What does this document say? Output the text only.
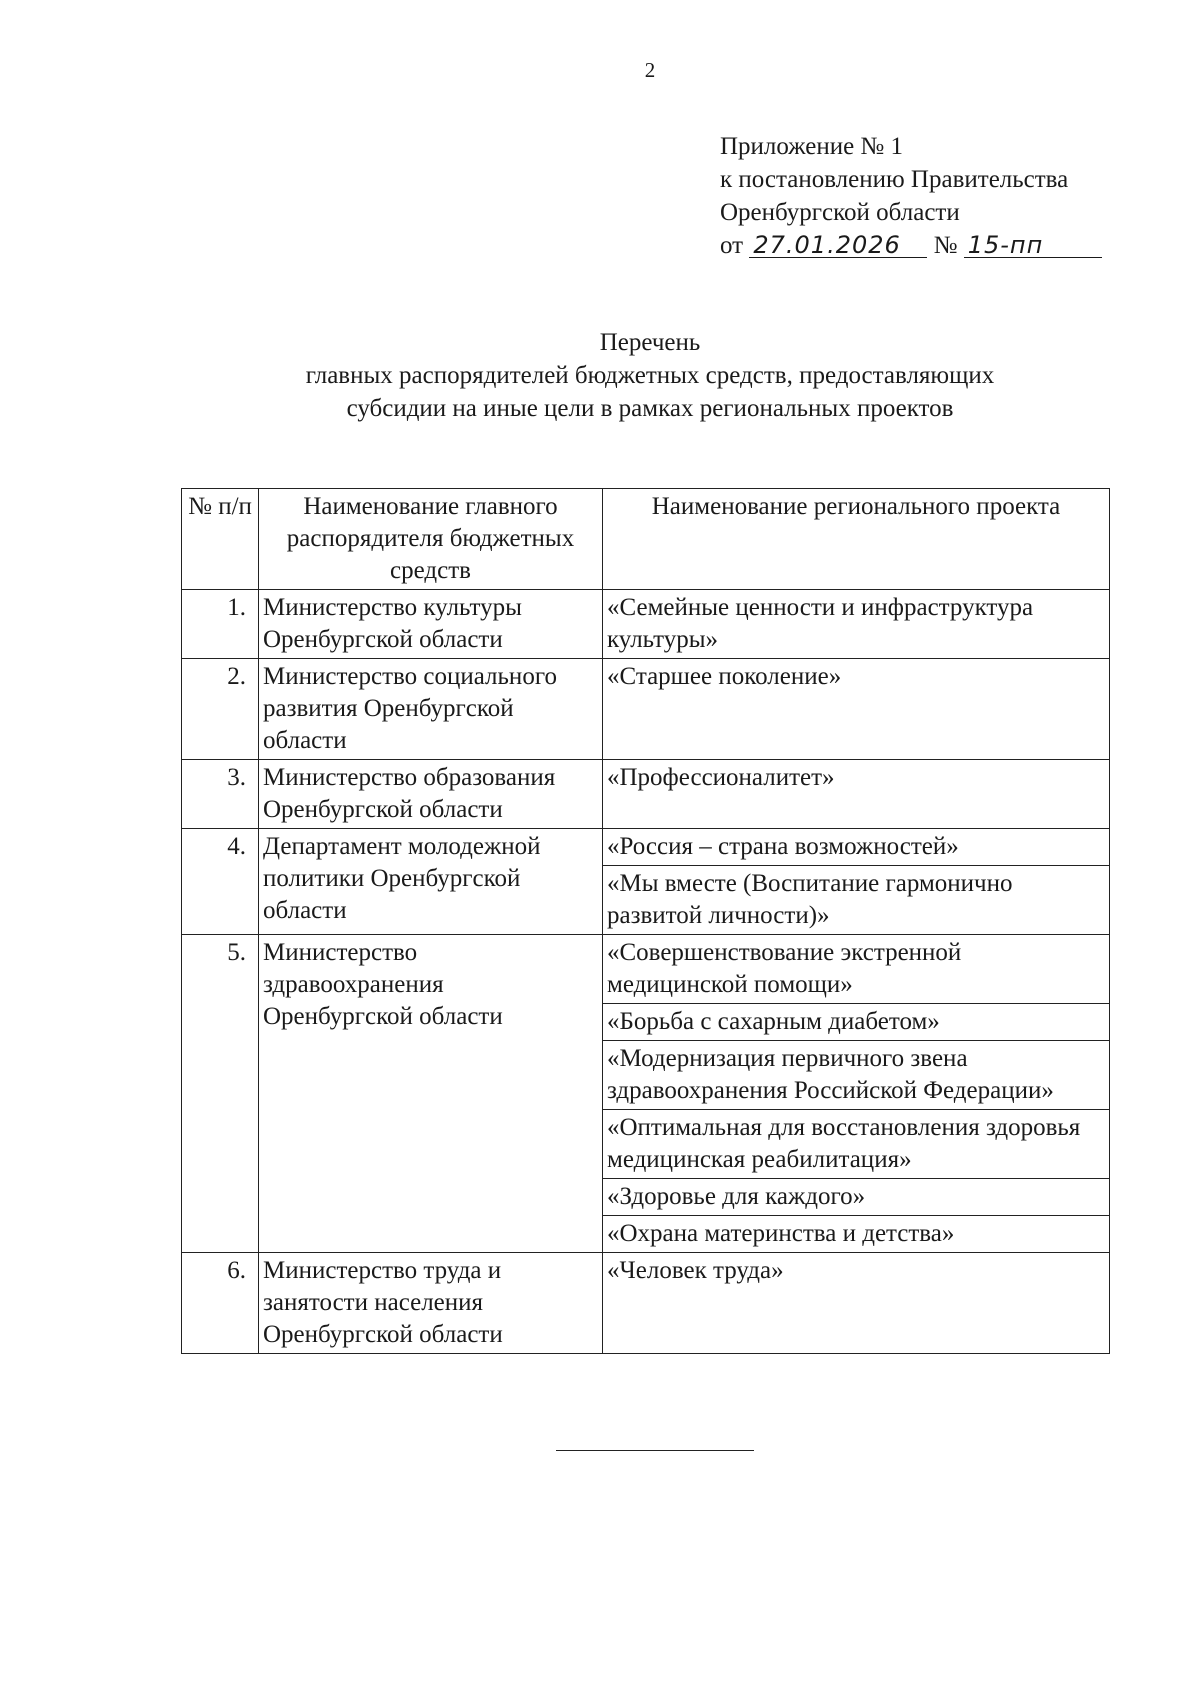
2
Приложение № 1
к постановлению Правительства
Оренбургской области
от 27.01.2026 № 15-пп
Перечень
главных распорядителей бюджетных средств, предоставляющих
субсидии на иные цели в рамках региональных проектов
№ п/п	Наименование главного распорядителя бюджетных средств	Наименование регионального проекта
1.	Министерство культуры Оренбургской области	«Семейные ценности и инфраструктура культуры»
2.	Министерство социального развития Оренбургской области	«Старшее поколение»
3.	Министерство образования Оренбургской области	«Профессионалитет»
4.	Департамент молодежной политики Оренбургской области	«Россия – страна возможностей»
		«Мы вместе (Воспитание гармонично развитой личности)»
5.	Министерство здравоохранения Оренбургской области	«Совершенствование экстренной медицинской помощи»
		«Борьба с сахарным диабетом»
		«Модернизация первичного звена здравоохранения Российской Федерации»
		«Оптимальная для восстановления здоровья медицинская реабилитация»
		«Здоровье для каждого»
		«Охрана материнства и детства»
6.	Министерство труда и занятости населения Оренбургской области	«Человек труда»
